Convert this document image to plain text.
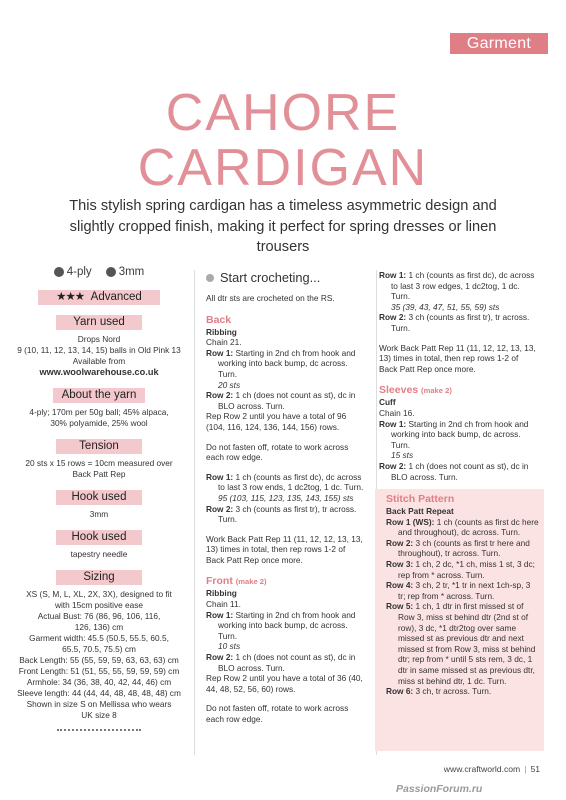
Garment
CAHORE
CARDIGAN
This stylish spring cardigan has a timeless asymmetric design and slightly cropped finish, making it perfect for spring dresses or linen trousers
4-ply 3mm
★★★ Advanced
Yarn used
Drops Nord
9 (10, 11, 12, 13, 14, 15) balls in Old Pink 13
Available from
www.woolwarehouse.co.uk
About the yarn
4-ply; 170m per 50g ball; 45% alpaca,
30% polyamide, 25% wool
Tension
20 sts x 15 rows = 10cm measured over
Back Patt Rep
Hook used
3mm
Hook used
tapestry needle
Sizing
XS (S, M, L, XL, 2X, 3X), designed to fit
with 15cm positive ease
Actual Bust: 76 (86, 96, 106, 116,
126, 136) cm
Garment width: 45.5 (50.5, 55.5, 60.5,
65.5, 70.5, 75.5) cm
Back Length: 55 (55, 59, 59, 63, 63, 63) cm
Front Length: 51 (51, 55, 55, 59, 59, 59) cm
Armhole: 34 (36, 38, 40, 42, 44, 46) cm
Sleeve length: 44 (44, 44, 48, 48, 48, 48) cm
Shown in size S on Mellissa who wears
UK size 8
Start crocheting...

All dtr sts are crocheted on the RS.

Back
Ribbing

Chain 21.

Row 1: Starting in 2nd ch from hook and working into back bump, dc across. Turn.
20 sts

Row 2: 1 ch (does not count as st), dc in BLO across. Turn.

Rep Row 2 until you have a total of 96 (104, 116, 124, 136, 144, 156) rows.

Do not fasten off, rotate to work across each row edge.

Row 1: 1 ch (counts as first dc), dc across to last 3 row ends, 1 dc2tog, 1 dc. Turn.
95 (103, 115, 123, 135, 143, 155) sts

Row 2: 3 ch (counts as first tr), tr across. Turn.

Work Back Patt Rep 11 (11, 12, 12, 13, 13, 13) times in total, then rep rows 1-2 of Back Patt Rep once more.

Front (make 2)
Ribbing

Chain 11.

Row 1: Starting in 2nd ch from hook and working into back bump, dc across. Turn.
10 sts

Row 2: 1 ch (does not count as st), dc in BLO across. Turn.

Rep Row 2 until you have a total of 36 (40, 44, 48, 52, 56, 60) rows.

Do not fasten off, rotate to work across each row edge.

Row 1: 1 ch (counts as first dc), dc across to last 3 row edges, 1 dc2tog, 1 dc. Turn.
35 (39, 43, 47, 51, 55, 59) sts

Row 2: 3 ch (counts as first tr), tr across. Turn.

Work Back Patt Rep 11 (11, 12, 12, 13, 13, 13) times in total, then rep rows 1-2 of Back Patt Rep once more.

Sleeves (make 2)
Cuff

Chain 16.

Row 1: Starting in 2nd ch from hook and working into back bump, dc across. Turn.
15 sts

Row 2: 1 ch (does not count as st), dc in BLO across. Turn.

Stitch Pattern
Back Patt Repeat

Row 1 (WS): 1 ch (counts as first dc here and throughout), dc across. Turn.

Row 2: 3 ch (counts as first tr here and throughout), tr across. Turn.

Row 3: 1 ch, 2 dc, *1 ch, miss 1 st, 3 dc; rep from * across. Turn.

Row 4: 3 ch, 2 tr, *1 tr in next 1ch-sp, 3 tr; rep from * across. Turn.

Row 5: 1 ch, 1 dtr in first missed st of Row 3, miss st behind dtr (2nd st of row), 3 dc, *1 dtr2tog over same missed st as previous dtr and next missed st from Row 3, miss st behind dtr; rep from * until 5 sts rem, 3 dc, 1 dtr in same missed st as previous dtr, miss st behind dtr, 1 dc. Turn.

Row 6: 3 ch, tr across. Turn.

www.craftworld.com | 51
PassionForum.ru
